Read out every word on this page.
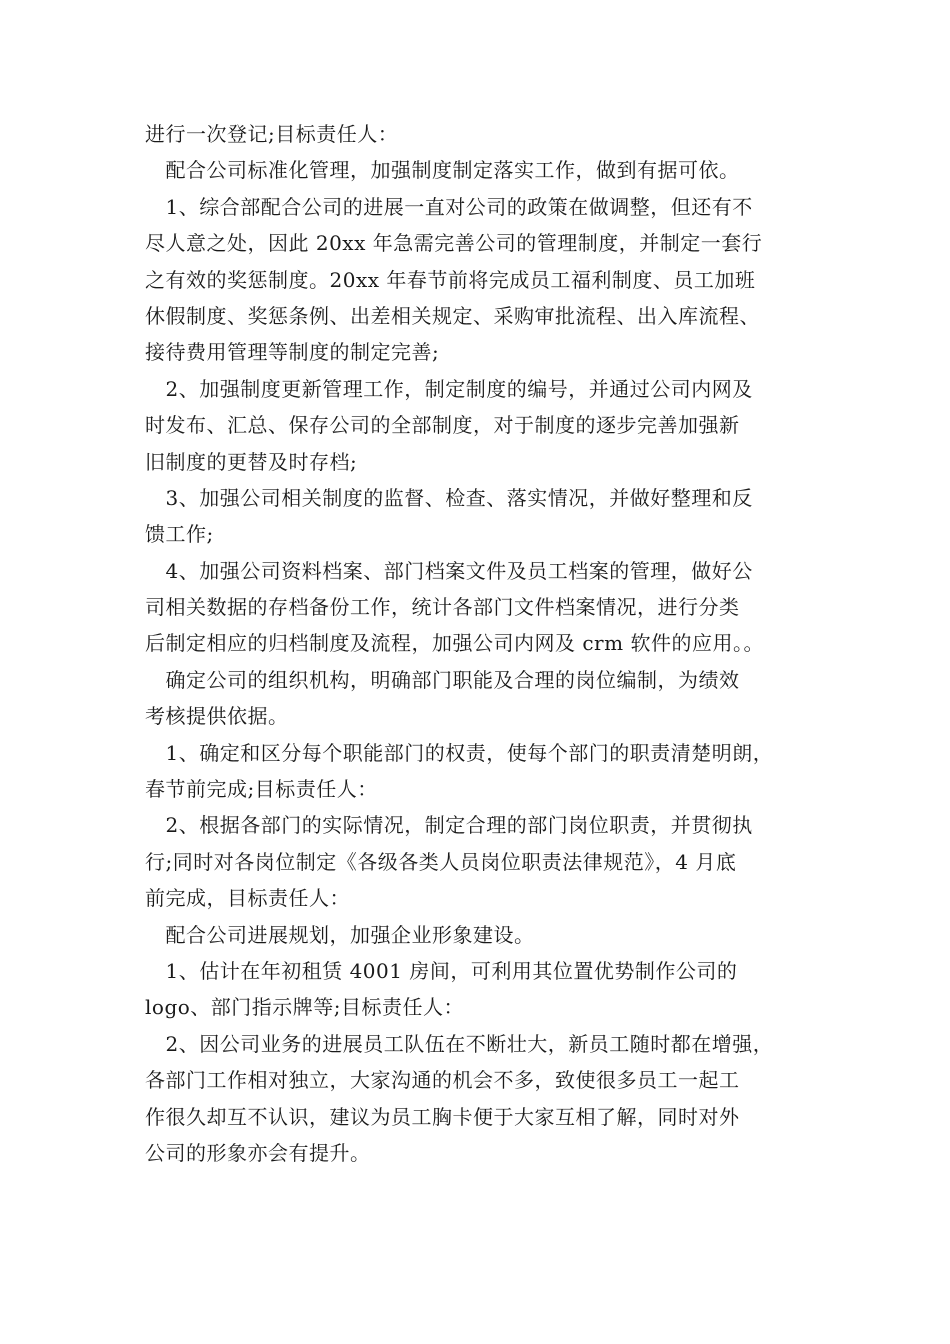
进行一次登记;目标责任人：
　配合公司标准化管理，加强制度制定落实工作，做到有据可依。
　1、综合部配合公司的进展一直对公司的政策在做调整，但还有不
尽人意之处，因此 20xx 年急需完善公司的管理制度，并制定一套行
之有效的奖惩制度。20xx 年春节前将完成员工福利制度、员工加班
休假制度、奖惩条例、出差相关规定、采购审批流程、出入库流程、
接待费用管理等制度的制定完善;
　2、加强制度更新管理工作，制定制度的编号，并通过公司内网及
时发布、汇总、保存公司的全部制度，对于制度的逐步完善加强新
旧制度的更替及时存档;
　3、加强公司相关制度的监督、检查、落实情况，并做好整理和反
馈工作;
　4、加强公司资料档案、部门档案文件及员工档案的管理，做好公
司相关数据的存档备份工作，统计各部门文件档案情况，进行分类
后制定相应的归档制度及流程，加强公司内网及 crm 软件的应用。。
　确定公司的组织机构，明确部门职能及合理的岗位编制，为绩效
考核提供依据。
　1、确定和区分每个职能部门的权责，使每个部门的职责清楚明朗，
春节前完成;目标责任人：
　2、根据各部门的实际情况，制定合理的部门岗位职责，并贯彻执
行;同时对各岗位制定《各级各类人员岗位职责法律规范》，4 月底
前完成，目标责任人：
　配合公司进展规划，加强企业形象建设。
　1、估计在年初租赁 4001 房间，可利用其位置优势制作公司的
logo、部门指示牌等;目标责任人：
　2、因公司业务的进展员工队伍在不断壮大，新员工随时都在增强，
各部门工作相对独立，大家沟通的机会不多，致使很多员工一起工
作很久却互不认识，建议为员工胸卡便于大家互相了解，同时对外
公司的形象亦会有提升。
